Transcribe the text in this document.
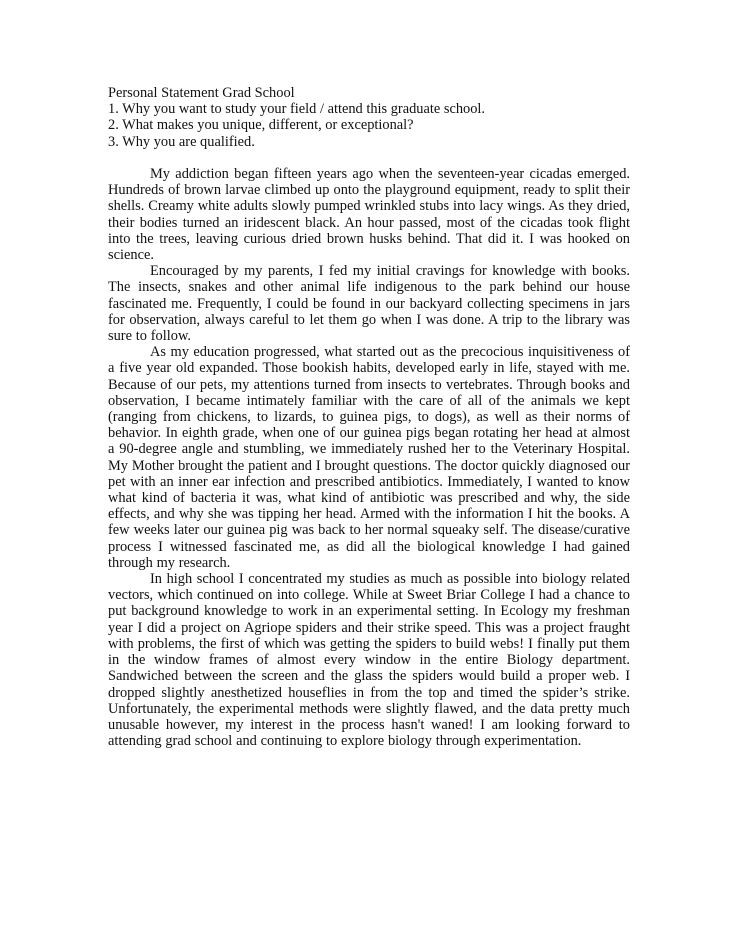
Personal Statement Grad School

1. Why you want to study your field / attend this graduate school.

2. What makes you unique, different, or exceptional?

3. Why you are qualified.

My addiction began fifteen years ago when the seventeen-year cicadas emerged. Hundreds of brown larvae climbed up onto the playground equipment, ready to split their shells. Creamy white adults slowly pumped wrinkled stubs into lacy wings. As they dried, their bodies turned an iridescent black. An hour passed, most of the cicadas took flight into the trees, leaving curious dried brown husks behind. That did it. I was hooked on science.

Encouraged by my parents, I fed my initial cravings for knowledge with books. The insects, snakes and other animal life indigenous to the park behind our house fascinated me. Frequently, I could be found in our backyard collecting specimens in jars for observation, always careful to let them go when I was done. A trip to the library was sure to follow.

As my education progressed, what started out as the precocious inquisitiveness of a five year old expanded. Those bookish habits, developed early in life, stayed with me. Because of our pets, my attentions turned from insects to vertebrates. Through books and observation, I became intimately familiar with the care of all of the animals we kept (ranging from chickens, to lizards, to guinea pigs, to dogs), as well as their norms of behavior. In eighth grade, when one of our guinea pigs began rotating her head at almost a 90-degree angle and stumbling, we immediately rushed her to the Veterinary Hospital. My Mother brought the patient and I brought questions. The doctor quickly diagnosed our pet with an inner ear infection and prescribed antibiotics. Immediately, I wanted to know what kind of bacteria it was, what kind of antibiotic was prescribed and why, the side effects, and why she was tipping her head. Armed with the information I hit the books. A few weeks later our guinea pig was back to her normal squeaky self. The disease/curative process I witnessed fascinated me, as did all the biological knowledge I had gained through my research.

In high school I concentrated my studies as much as possible into biology related vectors, which continued on into college. While at Sweet Briar College I had a chance to put background knowledge to work in an experimental setting. In Ecology my freshman year I did a project on Agriope spiders and their strike speed. This was a project fraught with problems, the first of which was getting the spiders to build webs! I finally put them in the window frames of almost every window in the entire Biology department. Sandwiched between the screen and the glass the spiders would build a proper web. I dropped slightly anesthetized houseflies in from the top and timed the spider’s strike. Unfortunately, the experimental methods were slightly flawed, and the data pretty much unusable however, my interest in the process hasn't waned! I am looking forward to attending grad school and continuing to explore biology through experimentation.
